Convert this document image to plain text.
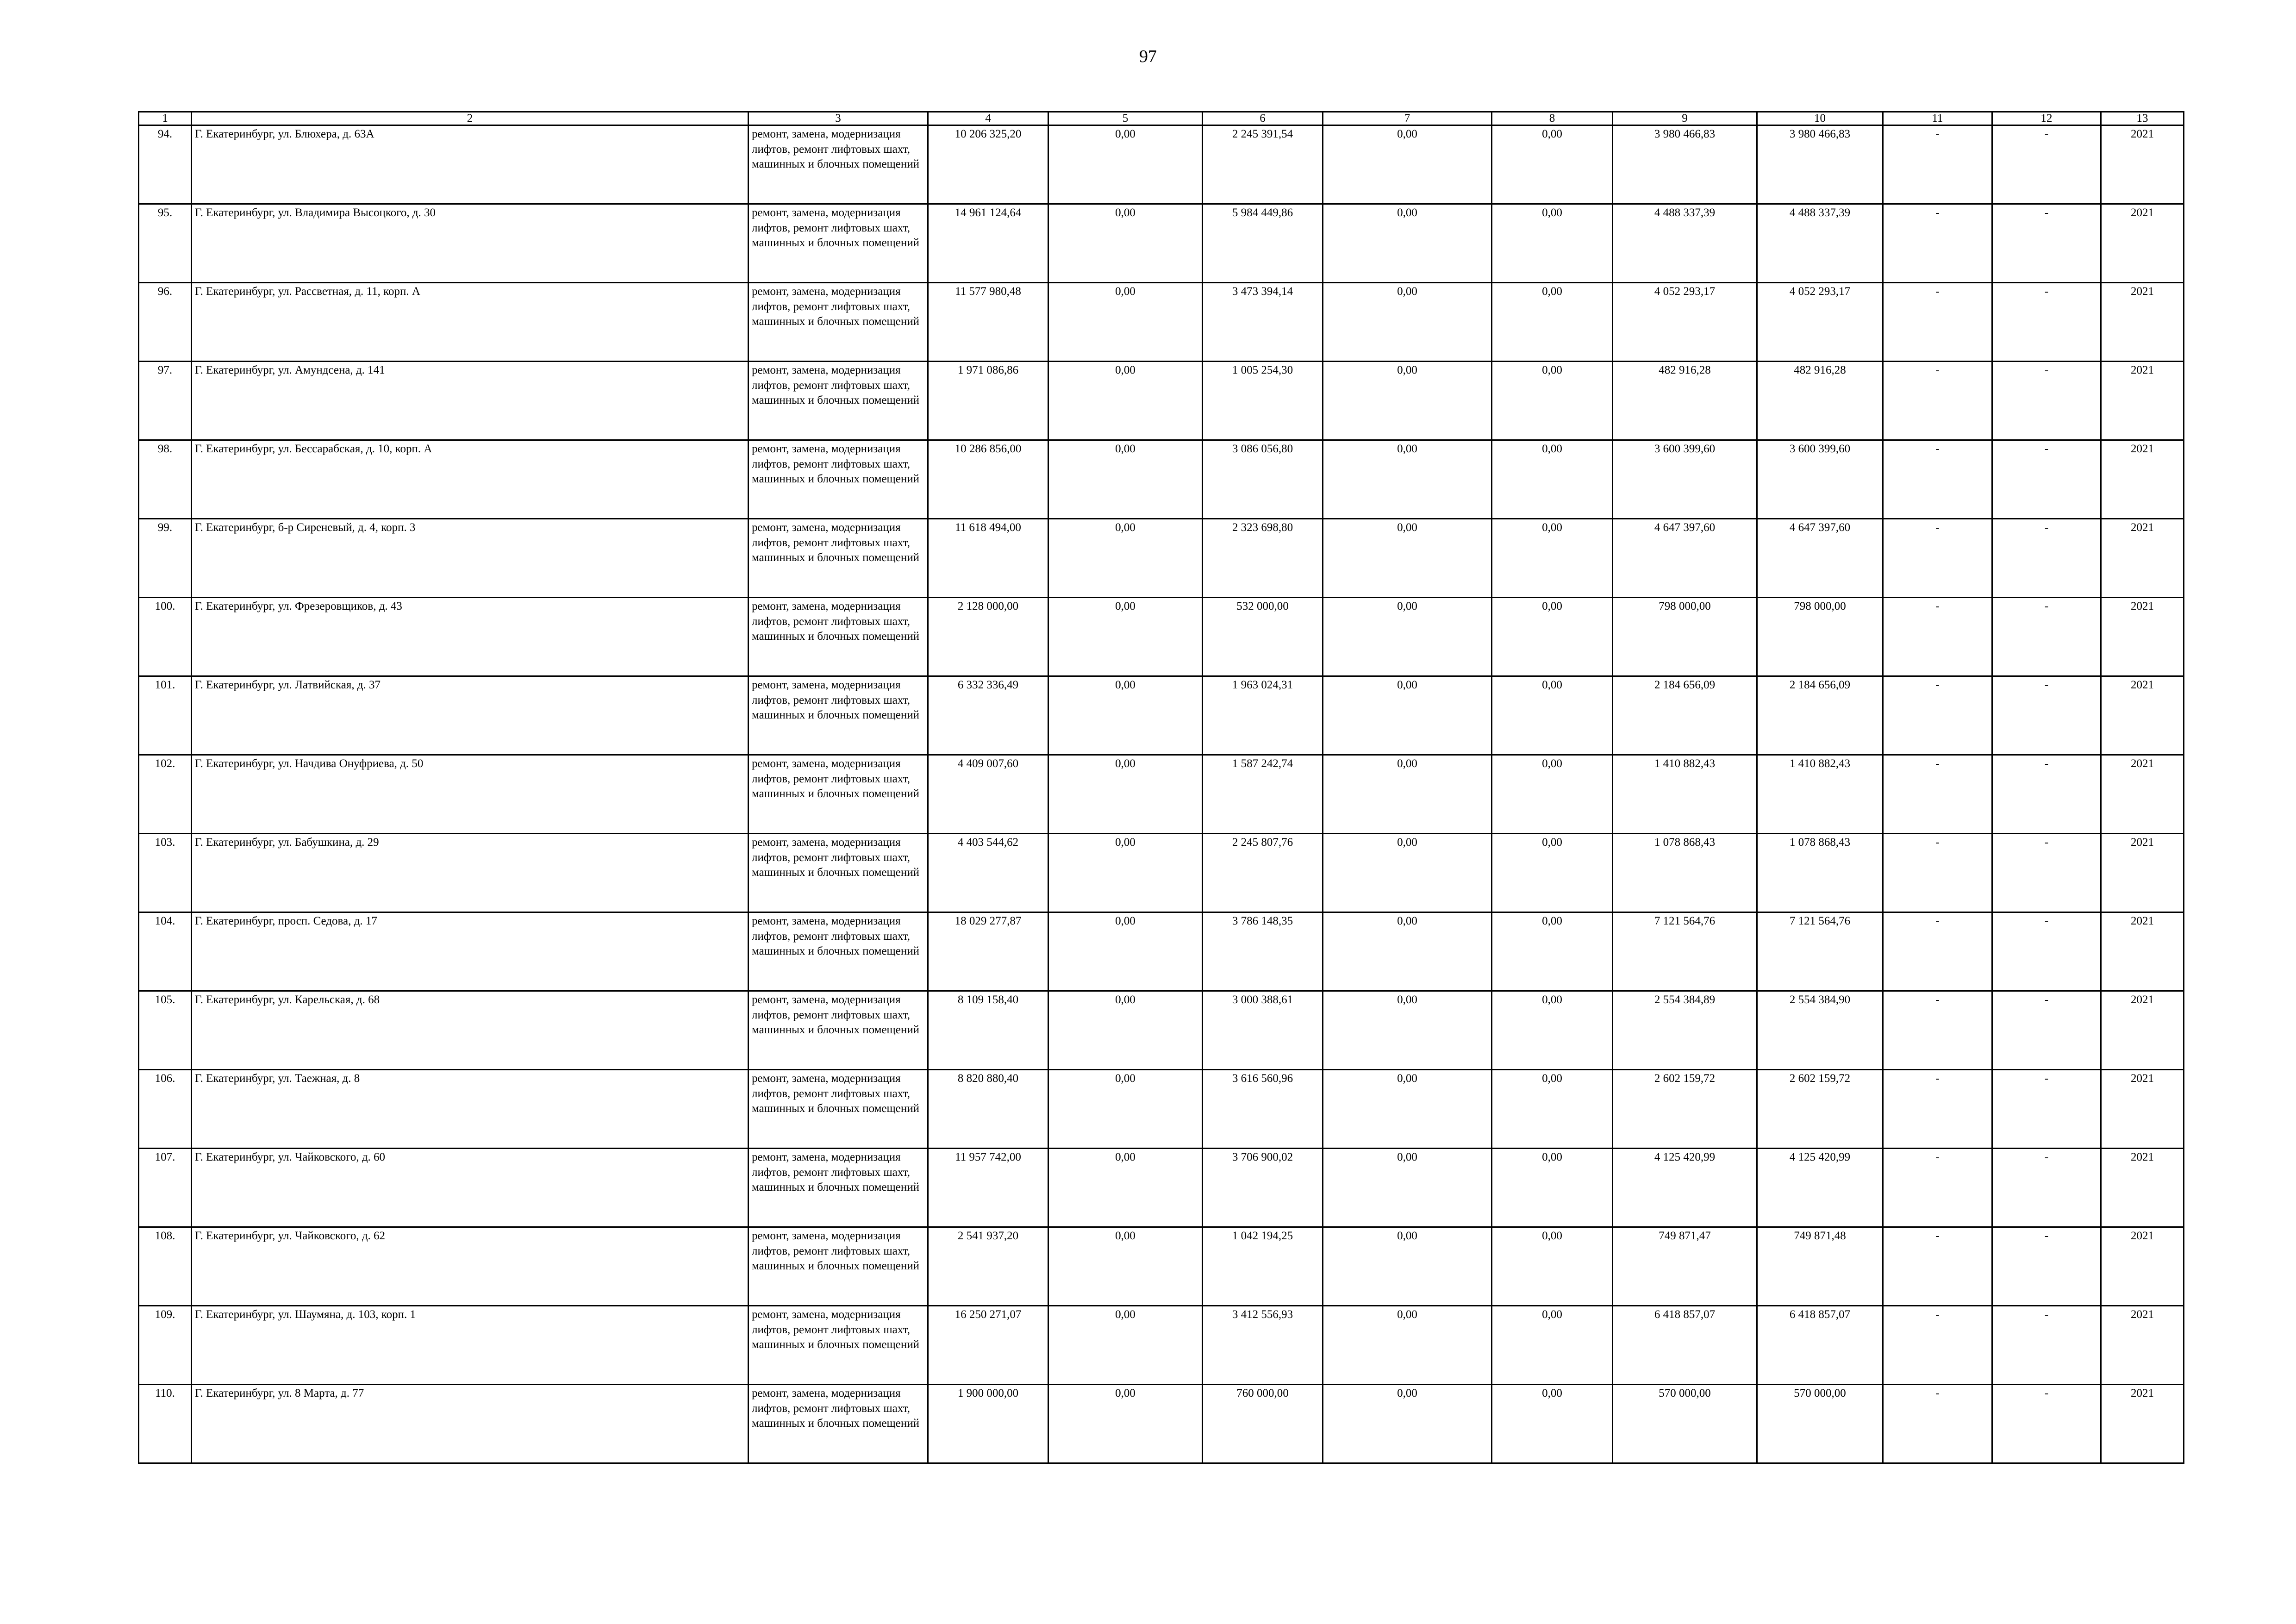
97
1	2	3	4	5	6	7	8	9	10	11	12	13
94.	Г. Екатеринбург, ул. Блюхера, д. 63А	ремонт, замена, модернизация лифтов, ремонт лифтовых шахт, машинных и блочных помещений	10 206 325,20	0,00	2 245 391,54	0,00	0,00	3 980 466,83	3 980 466,83	-	-	2021
95.	Г. Екатеринбург, ул. Владимира Высоцкого, д. 30	ремонт, замена, модернизация лифтов, ремонт лифтовых шахт, машинных и блочных помещений	14 961 124,64	0,00	5 984 449,86	0,00	0,00	4 488 337,39	4 488 337,39	-	-	2021
96.	Г. Екатеринбург, ул. Рассветная, д. 11, корп. А	ремонт, замена, модернизация лифтов, ремонт лифтовых шахт, машинных и блочных помещений	11 577 980,48	0,00	3 473 394,14	0,00	0,00	4 052 293,17	4 052 293,17	-	-	2021
97.	Г. Екатеринбург, ул. Амундсена, д. 141	ремонт, замена, модернизация лифтов, ремонт лифтовых шахт, машинных и блочных помещений	1 971 086,86	0,00	1 005 254,30	0,00	0,00	482 916,28	482 916,28	-	-	2021
98.	Г. Екатеринбург, ул. Бессарабская, д. 10, корп. А	ремонт, замена, модернизация лифтов, ремонт лифтовых шахт, машинных и блочных помещений	10 286 856,00	0,00	3 086 056,80	0,00	0,00	3 600 399,60	3 600 399,60	-	-	2021
99.	Г. Екатеринбург, б-р Сиреневый, д. 4, корп. 3	ремонт, замена, модернизация лифтов, ремонт лифтовых шахт, машинных и блочных помещений	11 618 494,00	0,00	2 323 698,80	0,00	0,00	4 647 397,60	4 647 397,60	-	-	2021
100.	Г. Екатеринбург, ул. Фрезеровщиков, д. 43	ремонт, замена, модернизация лифтов, ремонт лифтовых шахт, машинных и блочных помещений	2 128 000,00	0,00	532 000,00	0,00	0,00	798 000,00	798 000,00	-	-	2021
101.	Г. Екатеринбург, ул. Латвийская, д. 37	ремонт, замена, модернизация лифтов, ремонт лифтовых шахт, машинных и блочных помещений	6 332 336,49	0,00	1 963 024,31	0,00	0,00	2 184 656,09	2 184 656,09	-	-	2021
102.	Г. Екатеринбург, ул. Начдива Онуфриева, д. 50	ремонт, замена, модернизация лифтов, ремонт лифтовых шахт, машинных и блочных помещений	4 409 007,60	0,00	1 587 242,74	0,00	0,00	1 410 882,43	1 410 882,43	-	-	2021
103.	Г. Екатеринбург, ул. Бабушкина, д. 29	ремонт, замена, модернизация лифтов, ремонт лифтовых шахт, машинных и блочных помещений	4 403 544,62	0,00	2 245 807,76	0,00	0,00	1 078 868,43	1 078 868,43	-	-	2021
104.	Г. Екатеринбург, просп. Седова, д. 17	ремонт, замена, модернизация лифтов, ремонт лифтовых шахт, машинных и блочных помещений	18 029 277,87	0,00	3 786 148,35	0,00	0,00	7 121 564,76	7 121 564,76	-	-	2021
105.	Г. Екатеринбург, ул. Карельская, д. 68	ремонт, замена, модернизация лифтов, ремонт лифтовых шахт, машинных и блочных помещений	8 109 158,40	0,00	3 000 388,61	0,00	0,00	2 554 384,89	2 554 384,90	-	-	2021
106.	Г. Екатеринбург, ул. Таежная, д. 8	ремонт, замена, модернизация лифтов, ремонт лифтовых шахт, машинных и блочных помещений	8 820 880,40	0,00	3 616 560,96	0,00	0,00	2 602 159,72	2 602 159,72	-	-	2021
107.	Г. Екатеринбург, ул. Чайковского, д. 60	ремонт, замена, модернизация лифтов, ремонт лифтовых шахт, машинных и блочных помещений	11 957 742,00	0,00	3 706 900,02	0,00	0,00	4 125 420,99	4 125 420,99	-	-	2021
108.	Г. Екатеринбург, ул. Чайковского, д. 62	ремонт, замена, модернизация лифтов, ремонт лифтовых шахт, машинных и блочных помещений	2 541 937,20	0,00	1 042 194,25	0,00	0,00	749 871,47	749 871,48	-	-	2021
109.	Г. Екатеринбург, ул. Шаумяна, д. 103, корп. 1	ремонт, замена, модернизация лифтов, ремонт лифтовых шахт, машинных и блочных помещений	16 250 271,07	0,00	3 412 556,93	0,00	0,00	6 418 857,07	6 418 857,07	-	-	2021
110.	Г. Екатеринбург, ул. 8 Марта, д. 77	ремонт, замена, модернизация лифтов, ремонт лифтовых шахт, машинных и блочных помещений	1 900 000,00	0,00	760 000,00	0,00	0,00	570 000,00	570 000,00	-	-	2021
